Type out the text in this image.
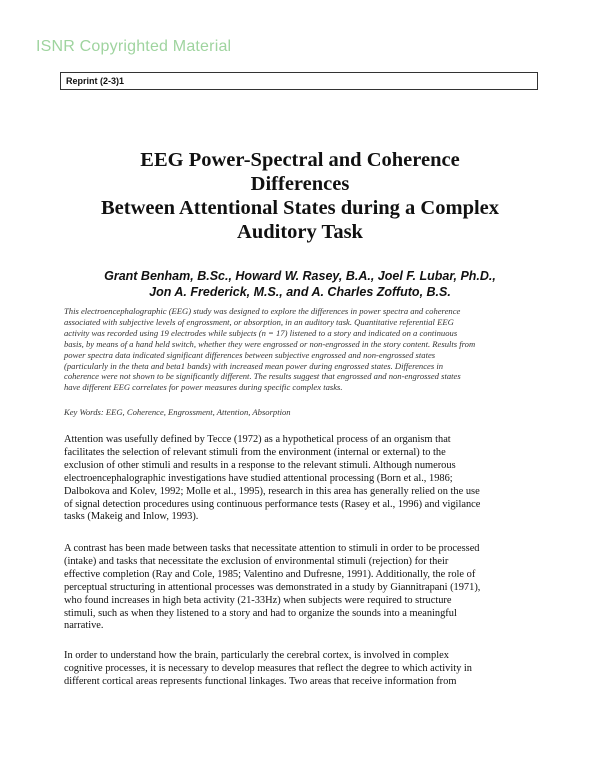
ISNR Copyrighted Material
Reprint (2-3)1
EEG Power-Spectral and Coherence
Differences
Between Attentional States during a Complex
Auditory Task

Grant Benham, B.Sc., Howard W. Rasey, B.A., Joel F. Lubar, Ph.D.,
Jon A. Frederick, M.S., and A. Charles Zoffuto, B.S.

This electroencephalographic (EEG) study was designed to explore the differences in power spectra and coherence
associated with subjective levels of engrossment, or absorption, in an auditory task. Quantitative referential EEG
activity was recorded using 19 electrodes while subjects (n = 17) listened to a story and indicated on a continuous
basis, by means of a hand held switch, whether they were engrossed or non-engrossed in the story content. Results from
power spectra data indicated significant differences between subjective engrossed and non-engrossed states
(particularly in the theta and beta1 bands) with increased mean power during engrossed states. Differences in
coherence were not shown to be significantly different. The results suggest that engrossed and non-engrossed states
have different EEG correlates for power measures during specific complex tasks.

Key Words: EEG, Coherence, Engrossment, Attention, Absorption

Attention was usefully defined by Tecce (1972) as a hypothetical process of an organism that
facilitates the selection of relevant stimuli from the environment (internal or external) to the
exclusion of other stimuli and results in a response to the relevant stimuli. Although numerous
electroencephalographic investigations have studied attentional processing (Born et al., 1986;
Dalbokova and Kolev, 1992; Molle et al., 1995), research in this area has generally relied on the use
of signal detection procedures using continuous performance tests (Rasey et al., 1996) and vigilance
tasks (Makeig and Inlow, 1993).

A contrast has been made between tasks that necessitate attention to stimuli in order to be processed
(intake) and tasks that necessitate the exclusion of environmental stimuli (rejection) for their
effective completion (Ray and Cole, 1985; Valentino and Dufresne, 1991). Additionally, the role of
perceptual structuring in attentional processes was demonstrated in a study by Giannitrapani (1971),
who found increases in high beta activity (21-33Hz) when subjects were required to structure
stimuli, such as when they listened to a story and had to organize the sounds into a meaningful
narrative.

In order to understand how the brain, particularly the cerebral cortex, is involved in complex
cognitive processes, it is necessary to develop measures that reflect the degree to which activity in
different cortical areas represents functional linkages. Two areas that receive information from
